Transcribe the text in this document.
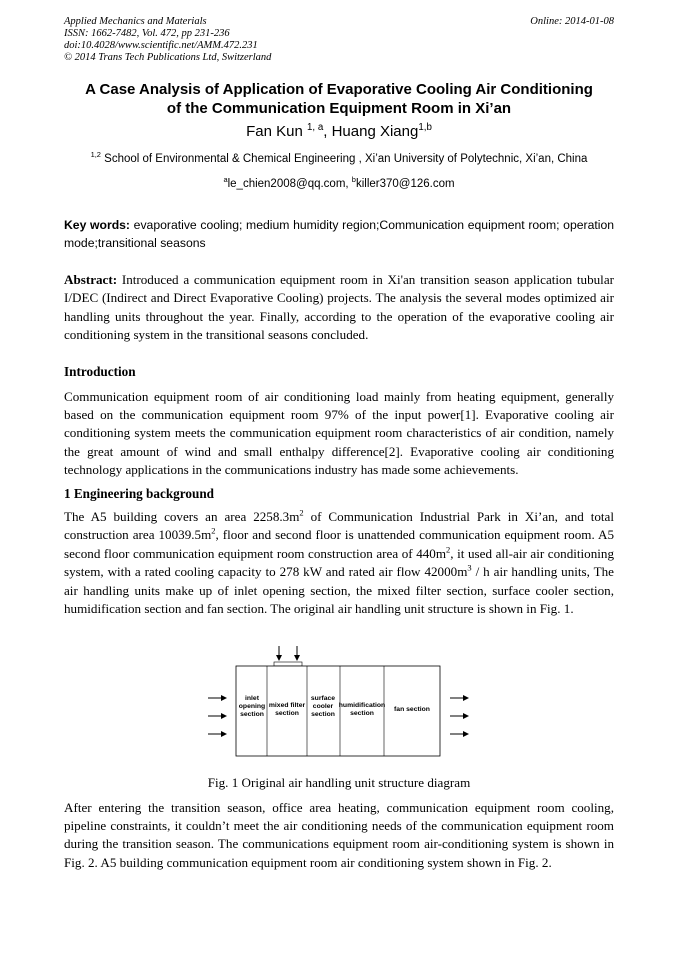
Applied Mechanics and Materials
ISSN: 1662-7482, Vol. 472, pp 231-236
doi:10.4028/www.scientific.net/AMM.472.231
© 2014 Trans Tech Publications Ltd, Switzerland
Online: 2014-01-08
A Case Analysis of Application of Evaporative Cooling Air Conditioning
of the Communication Equipment Room in Xi’an
Fan Kun $^{1, a}$, Huang Xiang$^{1,b}$
$^{1,2}$ School of Environmental & Chemical Engineering , Xi’an University of Polytechnic, Xi’an, China
$^a$le_chien2008@qq.com, $^b$killer370@126.com
Key words: evaporative cooling; medium humidity region;Communication equipment room; operation mode;transitional seasons
Abstract: Introduced a communication equipment room in Xi'an transition season application tubular I/DEC (Indirect and Direct Evaporative Cooling) projects. The analysis the several modes optimized air handling units throughout the year. Finally, according to the operation of the evaporative cooling air conditioning system in the transitional seasons concluded.
Introduction
Communication equipment room of air conditioning load mainly from heating equipment, generally based on the communication equipment room 97% of the input power[1]. Evaporative cooling air conditioning system meets the communication equipment room characteristics of air condition, namely the great amount of wind and small enthalpy difference[2]. Evaporative cooling air conditioning technology applications in the communications industry has made some achievements.
1 Engineering background
The A5 building covers an area $2258.3m^2$ of Communication Industrial Park in Xi’an, and total construction area $10039.5m^2$, floor and second floor is unattended communication equipment room. A5 second floor communication equipment room construction area of $440m^2$, it used all-air air conditioning system, with a rated cooling capacity to 278 kW and rated air flow $42000m^3$ / h air handling units, The air handling units make up of inlet opening section, the mixed filter section, surface cooler section, humidification section and fan section. The original air handling unit structure is shown in Fig. 1.
inlet
opening
section
mixed filter
section
surface
cooler
section
humidification
section
fan section
Fig. 1 Original air handling unit structure diagram
After entering the transition season, office area heating, communication equipment room cooling, pipeline constraints, it couldn’t meet the air conditioning needs of the communication equipment room during the transition season. The communications equipment room air-conditioning system is shown in Fig. 2. A5 building communication equipment room air conditioning system shown in Fig. 2.
